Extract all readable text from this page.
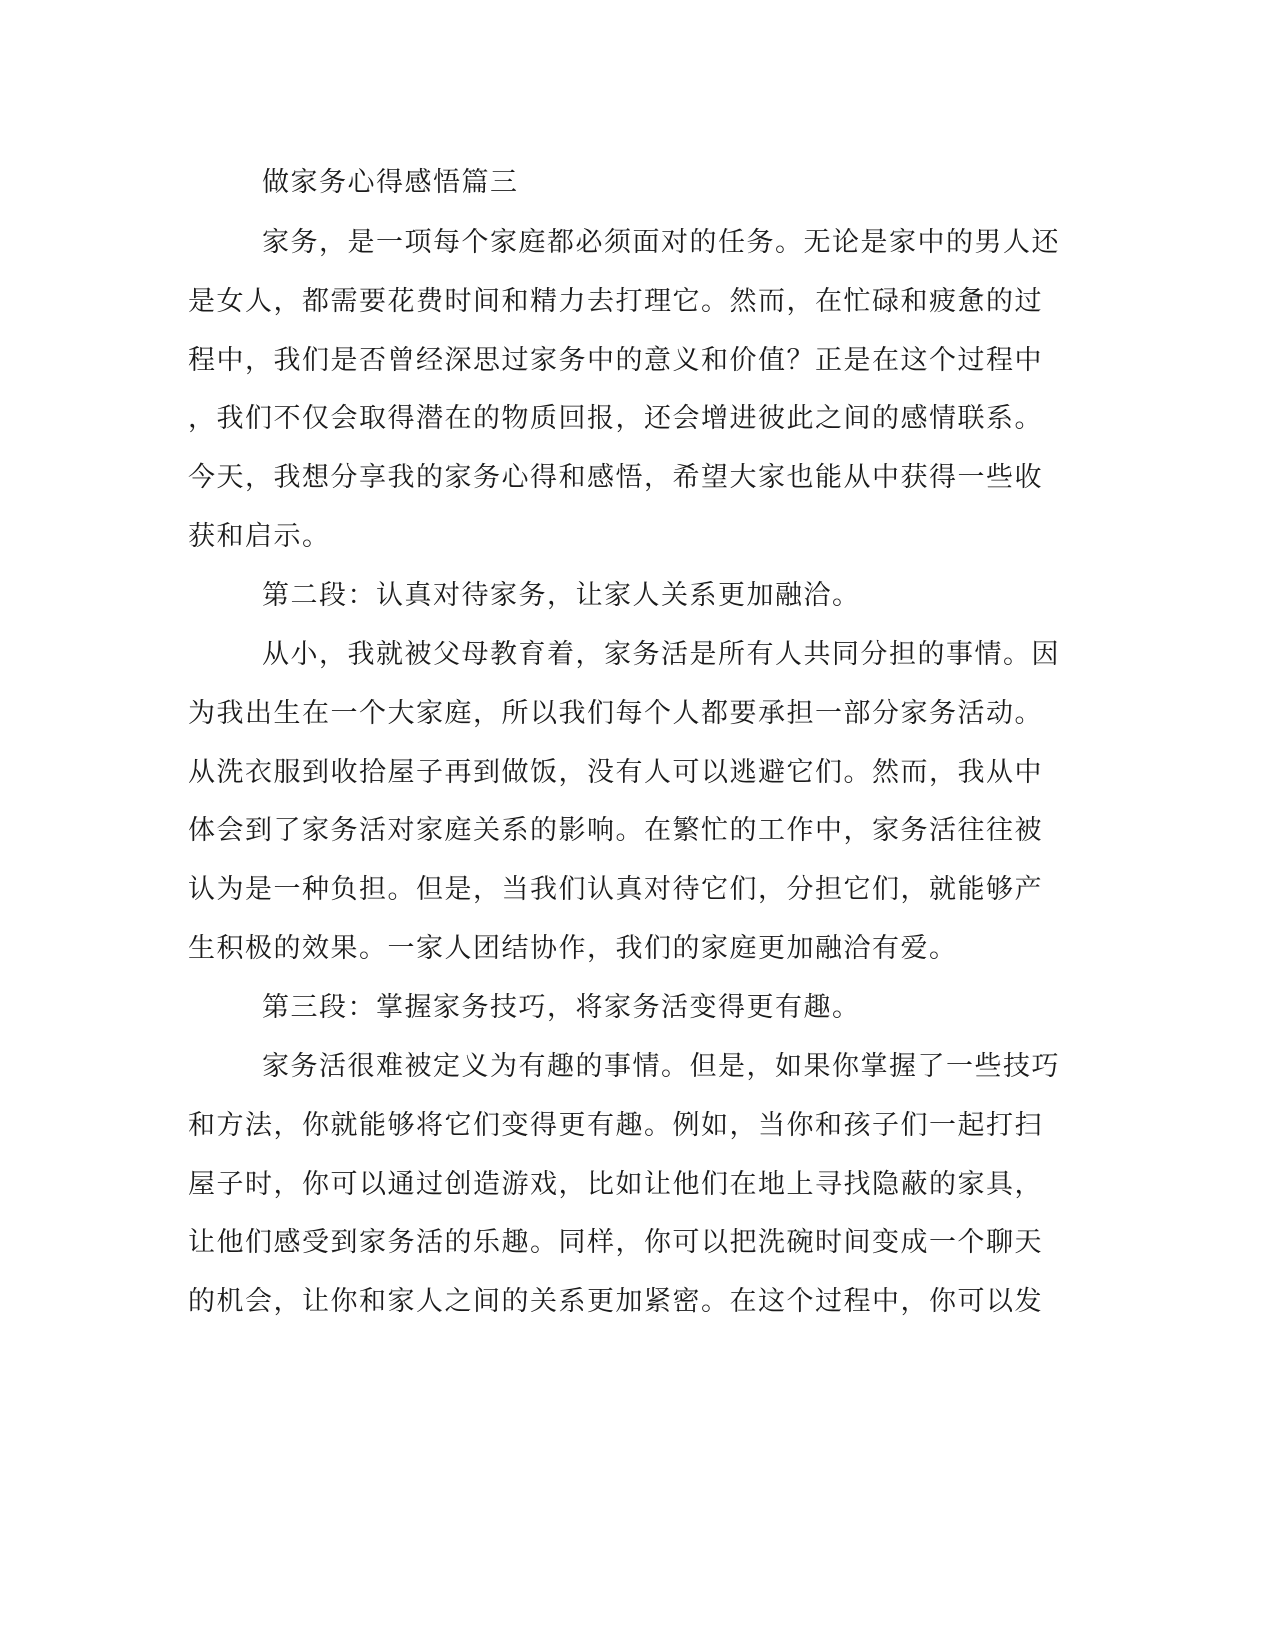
做家务心得感悟篇三
家务，是一项每个家庭都必须面对的任务。无论是家中的男人还
是女人，都需要花费时间和精力去打理它。然而，在忙碌和疲惫的过
程中，我们是否曾经深思过家务中的意义和价值？正是在这个过程中
，我们不仅会取得潜在的物质回报，还会增进彼此之间的感情联系。
今天，我想分享我的家务心得和感悟，希望大家也能从中获得一些收
获和启示。
第二段：认真对待家务，让家人关系更加融洽。
从小，我就被父母教育着，家务活是所有人共同分担的事情。因
为我出生在一个大家庭，所以我们每个人都要承担一部分家务活动。
从洗衣服到收拾屋子再到做饭，没有人可以逃避它们。然而，我从中
体会到了家务活对家庭关系的影响。在繁忙的工作中，家务活往往被
认为是一种负担。但是，当我们认真对待它们，分担它们，就能够产
生积极的效果。一家人团结协作，我们的家庭更加融洽有爱。
第三段：掌握家务技巧，将家务活变得更有趣。
家务活很难被定义为有趣的事情。但是，如果你掌握了一些技巧
和方法，你就能够将它们变得更有趣。例如，当你和孩子们一起打扫
屋子时，你可以通过创造游戏，比如让他们在地上寻找隐蔽的家具，
让他们感受到家务活的乐趣。同样，你可以把洗碗时间变成一个聊天
的机会，让你和家人之间的关系更加紧密。在这个过程中，你可以发
